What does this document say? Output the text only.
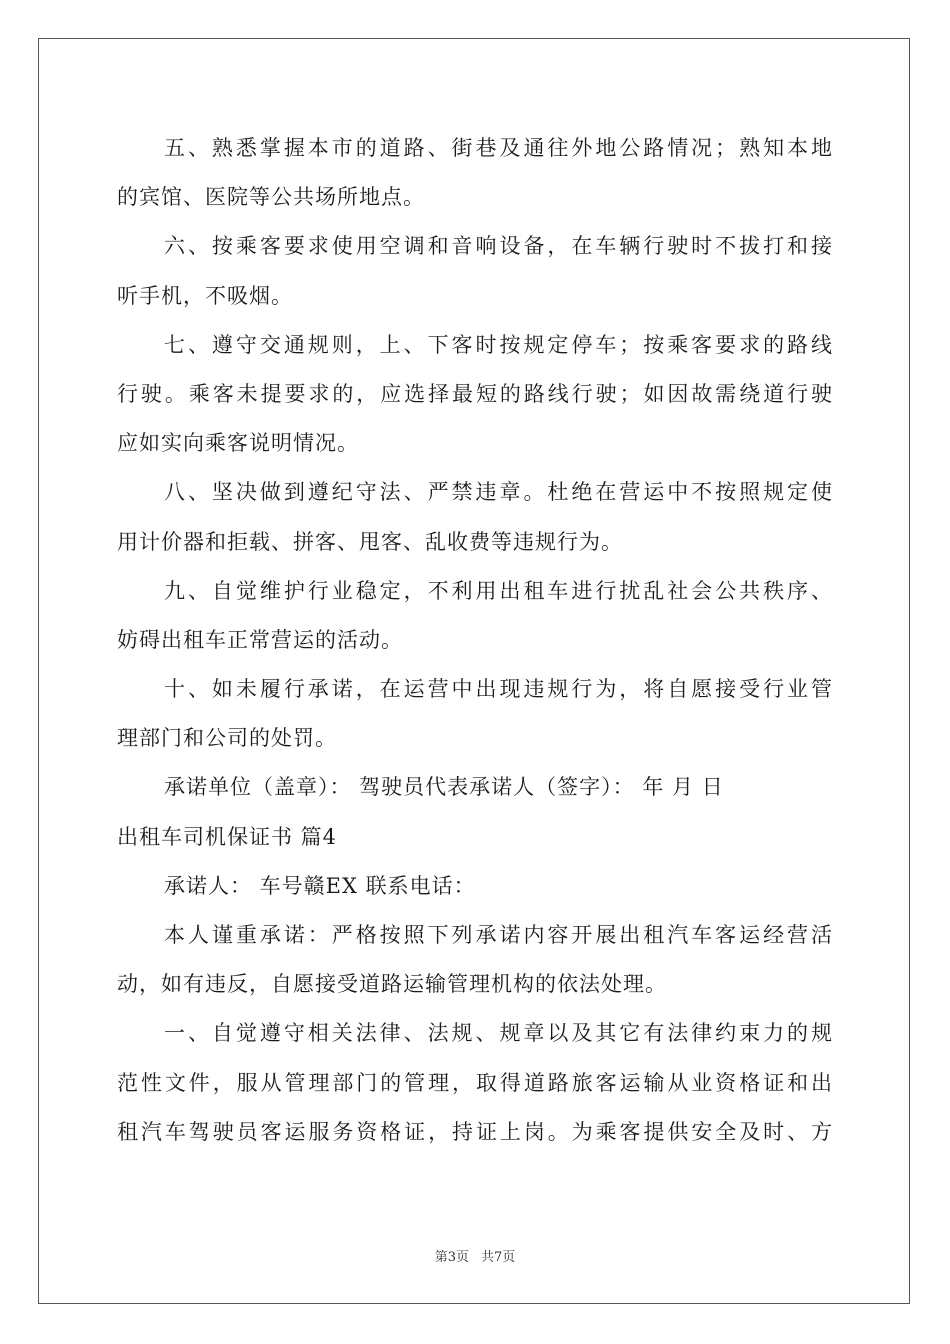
五、熟悉掌握本市的道路、街巷及通往外地公路情况；熟知本地
的宾馆、医院等公共场所地点。
六、按乘客要求使用空调和音响设备，在车辆行驶时不拔打和接
听手机，不吸烟。
七、遵守交通规则，上、下客时按规定停车；按乘客要求的路线
行驶。乘客未提要求的，应选择最短的路线行驶；如因故需绕道行驶
应如实向乘客说明情况。
八、坚决做到遵纪守法、严禁违章。杜绝在营运中不按照规定使
用计价器和拒载、拼客、甩客、乱收费等违规行为。
九、自觉维护行业稳定，不利用出租车进行扰乱社会公共秩序、
妨碍出租车正常营运的活动。
十、如未履行承诺，在运营中出现违规行为，将自愿接受行业管
理部门和公司的处罚。
承诺单位（盖章）： 驾驶员代表承诺人（签字）： 年 月 日
出租车司机保证书 篇4
承诺人： 车号赣EX 联系电话：
本人谨重承诺：严格按照下列承诺内容开展出租汽车客运经营活
动，如有违反，自愿接受道路运输管理机构的依法处理。
一、自觉遵守相关法律、法规、规章以及其它有法律约束力的规
范性文件，服从管理部门的管理，取得道路旅客运输从业资格证和出
租汽车驾驶员客运服务资格证，持证上岗。为乘客提供安全及时、方
第3页 共7页
